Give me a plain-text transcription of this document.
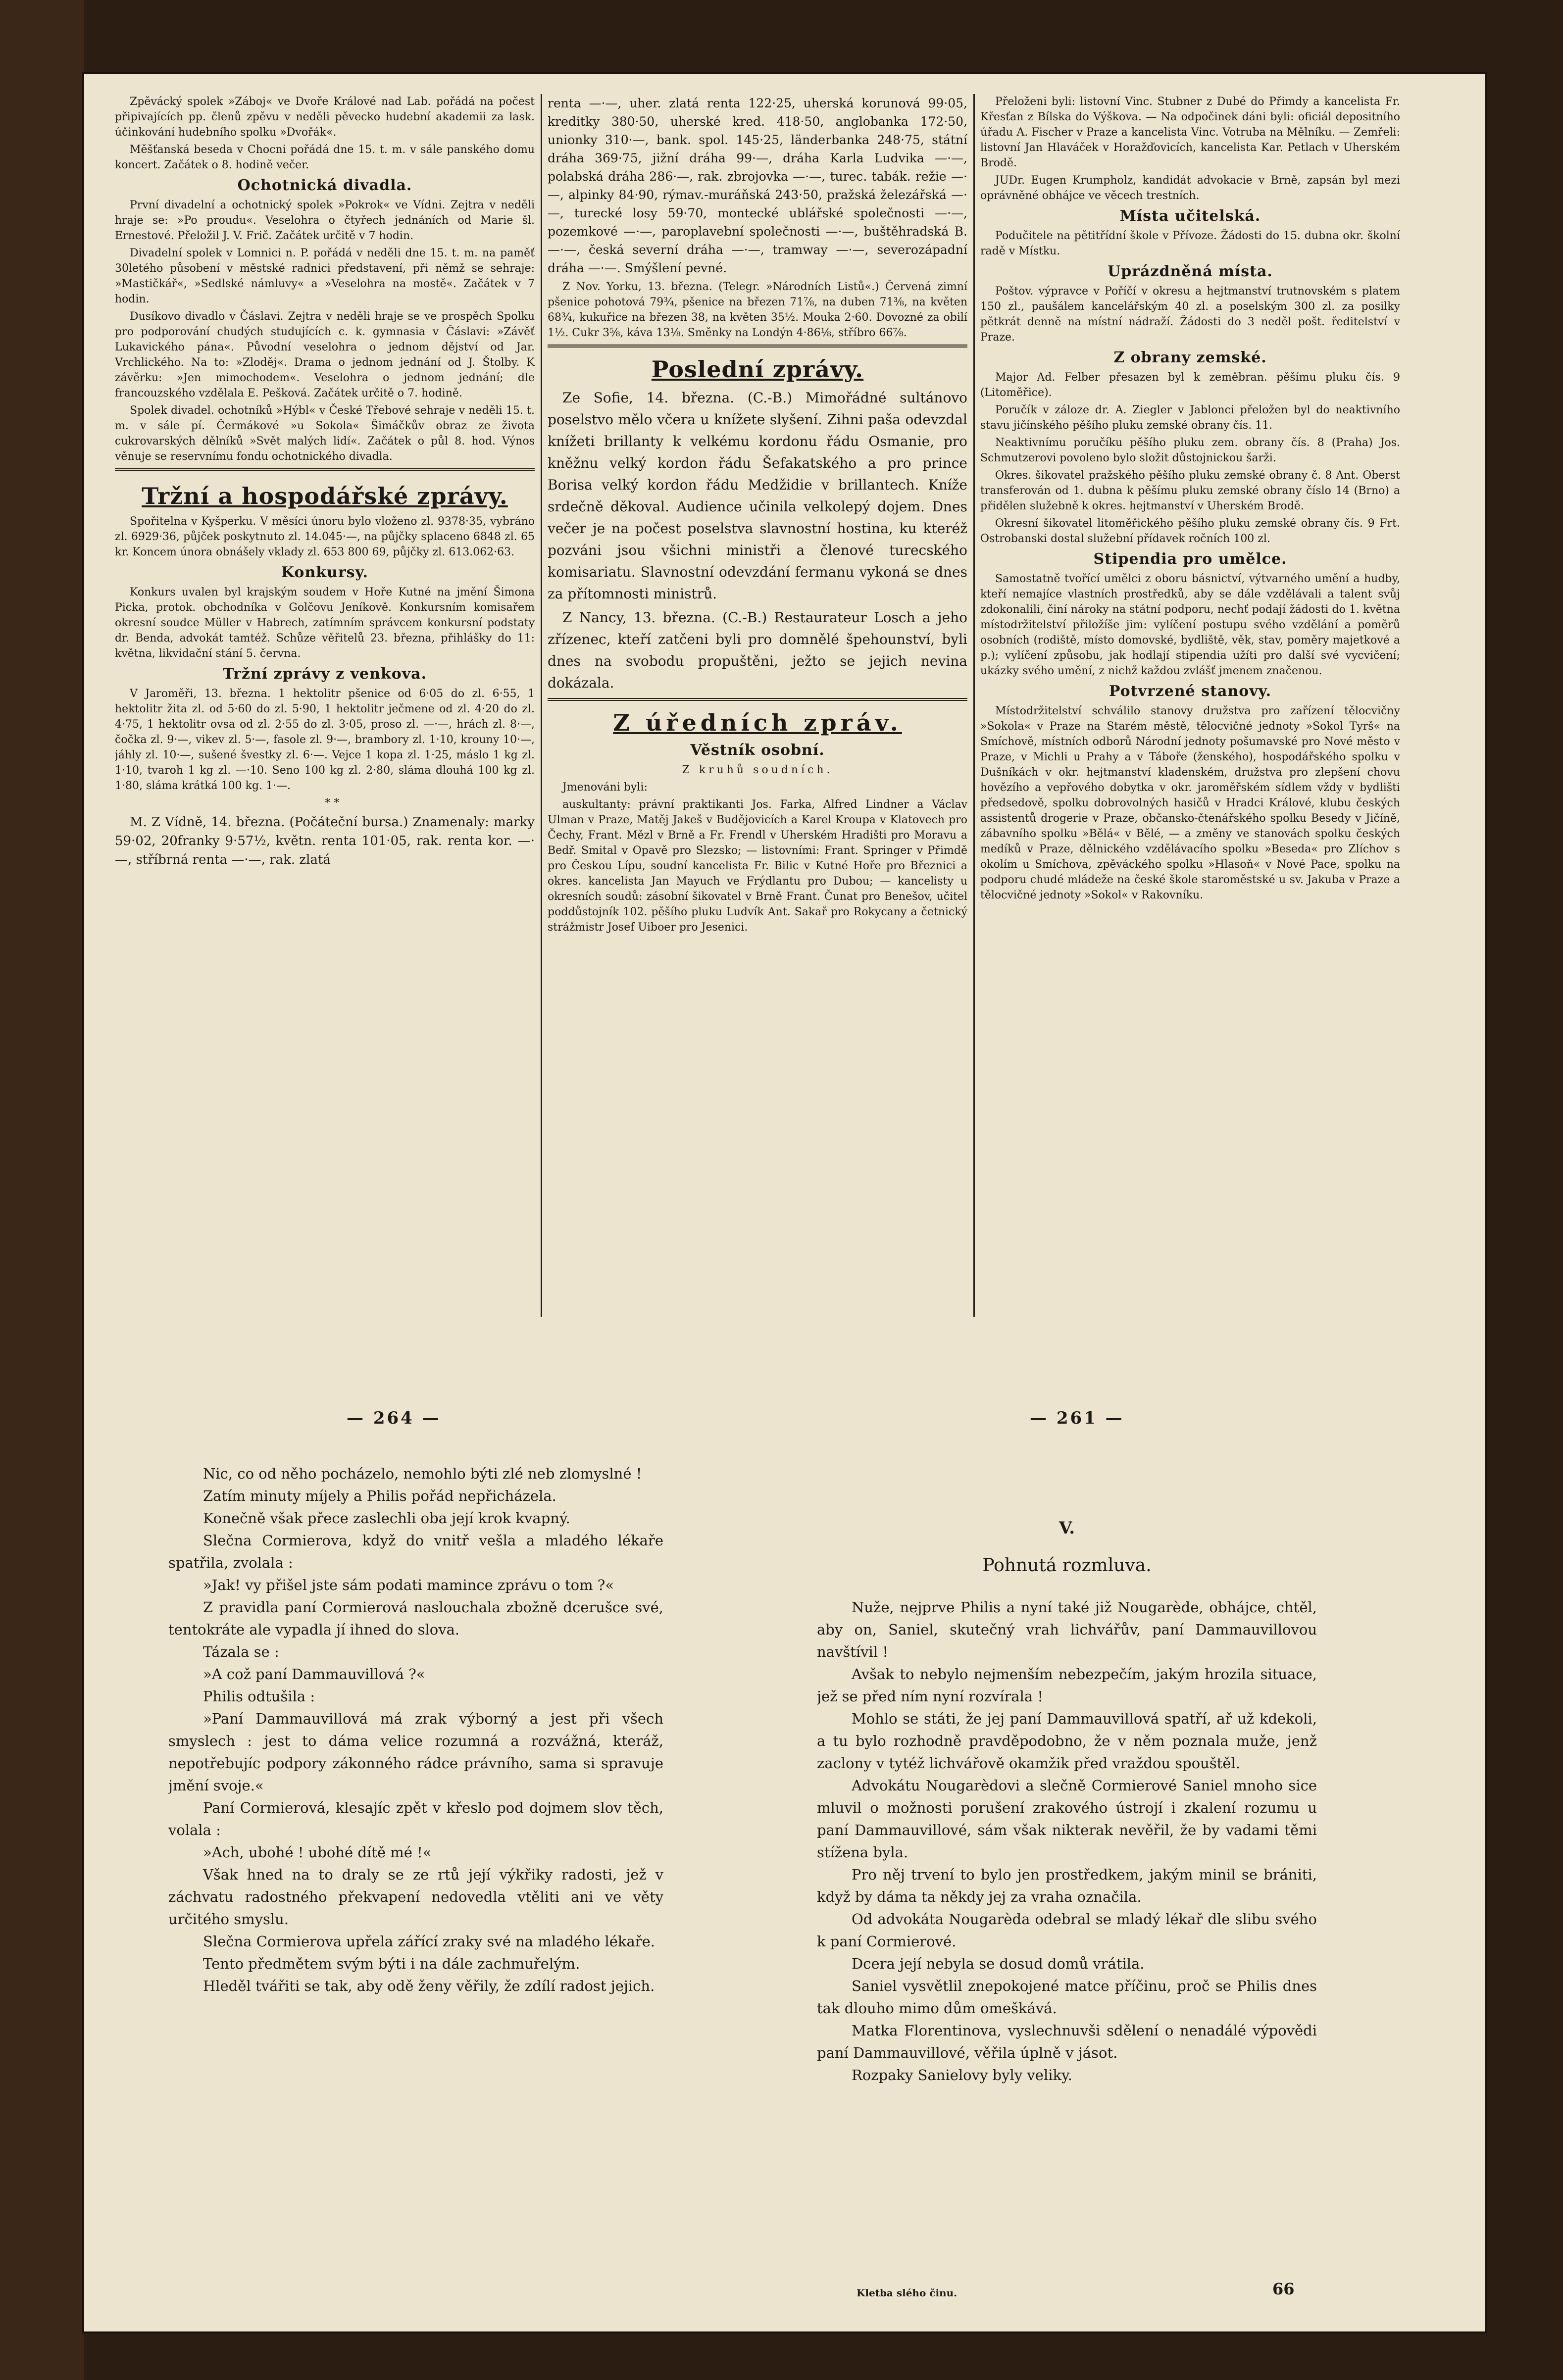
Zpěvácký spolek »Záboj« ve Dvoře Králové nad Lab. pořádá na počest připivajících pp. členů zpěvu v neděli pěvecko hudební akademii za lask. účinkování hudebního spolku »Dvořák«.

Měšťanská beseda v Chocni pořádá dne 15. t. m. v sále panského domu koncert. Začátek o 8. hodině večer.

Ochotnická divadla.

První divadelní a ochotnický spolek »Pokrok« ve Vídni. Zejtra v neděli hraje se: »Po proudu«. Veselohra o čtyřech jednáních od Marie šl. Ernestové. Přeložil J. V. Frič. Začátek určitě v 7 hodin.

Divadelní spolek v Lomnici n. P. pořádá v neděli dne 15. t. m. na paměť 30letého působení v městské radnici představení, při němž se sehraje: »Mastičkář«, »Sedlské námluvy« a »Veselohra na mostě«. Začátek v 7 hodin.

Dusíkovo divadlo v Čáslavi. Zejtra v neděli hraje se ve prospěch Spolku pro podporování chudých studujících c. k. gymnasia v Čáslavi: »Závěť Lukavického pána«. Původní veselohra o jednom dějství od Jar. Vrchlického. Na to: »Zloděj«. Drama o jednom jednání od J. Štolby. K závěrku: »Jen mimochodem«. Veselohra o jednom jednání; dle francouzského vzdělala E. Pešková. Začátek určitě o 7. hodině.

Spolek divadel. ochotníků »Hýbl« v České Třebové sehraje v neděli 15. t. m. v sále pí. Čermákové »u Sokola« Šimáčkův obraz ze života cukrovarských dělníků »Svět malých lidí«. Začátek o půl 8. hod. Výnos věnuje se reservnímu fondu ochotnického divadla.

Tržní a hospodářské zprávy.

Spořitelna v Kyšperku. V měsíci únoru bylo vloženo zl. 9378·35, vybráno zl. 6929·36, půjček poskytnuto zl. 14.045·—, na půjčky splaceno 6848 zl. 65 kr. Koncem února obnášely vklady zl. 653 800 69, půjčky zl. 613.062·63.

Konkursy.

Konkurs uvalen byl krajským soudem v Hoře Kutné na jmění Šimona Picka, protok. obchodníka v Golčovu Jeníkově. Konkursním komisařem okresní soudce Müller v Habrech, zatímním správcem konkursní podstaty dr. Benda, advokát tamtéž. Schůze věřitelů 23. března, přihlášky do 11: května, likvidační stání 5. června.

Tržní zprávy z venkova.

V Jaroměři, 13. března. 1 hektolitr pšenice od 6·05 do zl. 6·55, 1 hektolitr žita zl. od 5·60 do zl. 5·90, 1 hektolitr ječmene od zl. 4·20 do zl. 4·75, 1 hektolitr ovsa od zl. 2·55 do zl. 3·05, proso zl. —·—, hrách zl. 8·—, čočka zl. 9·—, vikev zl. 5·—, fasole zl. 9·—, brambory zl. 1·10, krouny 10·—, jáhly zl. 10·—, sušené švestky zl. 6·—. Vejce 1 kopa zl. 1·25, máslo 1 kg zl. 1·10, tvaroh 1 kg zl. —·10. Seno 100 kg zl. 2·80, sláma dlouhá 100 kg zl. 1·80, sláma krátká 100 kg. 1·—.

* *

M. Z Vídně, 14. března. (Počáteční bursa.) Znamenaly: marky 59·02, 20franky 9·57½, květn. renta 101·05, rak. renta kor. —·—, stříbrná renta —·—, rak. zlatá

renta —·—, uher. zlatá renta 122·25, uherská korunová 99·05, kreditky 380·50, uherské kred. 418·50, anglobanka 172·50, unionky 310·—, bank. spol. 145·25, länderbanka 248·75, státní dráha 369·75, jižní dráha 99·—, dráha Karla Ludvika —·—, polabská dráha 286·—, rak. zbrojovka —·—, turec. tabák. režie —·—, alpinky 84·90, rýmav.-muráňská 243·50, pražská železářská —·—, turecké losy 59·70, montecké ublářské společnosti —·—, pozemkové —·—, paroplavební společnosti —·—, buštěhradská B. —·—, česká severní dráha —·—, tramway —·—, severozápadní dráha —·—. Smýšlení pevné.

Z Nov. Yorku, 13. března. (Telegr. »Národních Listů«.) Červená zimní pšenice pohotová 79¾, pšenice na březen 71⅞, na duben 71⅜, na květen 68¾, kukuřice na březen 38, na květen 35½. Mouka 2·60. Dovozné za obilí 1½. Cukr 3⅝, káva 13⅛. Směnky na Londýn 4·86⅛, stříbro 66⅞.

Poslední zprávy.

Ze Sofie, 14. března. (C.-B.) Mimořádné sultánovo poselstvo mělo včera u knížete slyšení. Zihni paša odevzdal knížeti brillanty k velkému kordonu řádu Osmanie, pro kněžnu velký kordon řádu Šefakatského a pro prince Borisa velký kordon řádu Medžidie v brillantech. Kníže srdečně děkoval. Audience učinila velkolepý dojem. Dnes večer je na počest poselstva slavnostní hostina, ku kteréž pozváni jsou všichni ministři a členové turecského komisariatu. Slavnostní odevzdání fermanu vykoná se dnes za přítomnosti ministrů.

Z Nancy, 13. března. (C.-B.) Restaurateur Losch a jeho zřízenec, kteří zatčeni byli pro domnělé špehounství, byli dnes na svobodu propuštěni, ježto se jejich nevina dokázala.

Z úředních zpráv.
Věstník osobní.
Z kruhů soudních.

Jmenováni byli:

auskultanty: právní praktikanti Jos. Farka, Alfred Lindner a Václav Ulman v Praze, Matěj Jakeš v Budějovicích a Karel Kroupa v Klatovech pro Čechy, Frant. Mězl v Brně a Fr. Frendl v Uherském Hradišti pro Moravu a Bedř. Smital v Opavě pro Slezsko; — listovními: Frant. Springer v Přimdě pro Českou Lípu, soudní kancelista Fr. Bilic v Kutné Hoře pro Březnici a okres. kancelista Jan Mayuch ve Frýdlantu pro Dubou; — kancelisty u okresních soudů: zásobní šikovatel v Brně Frant. Čunat pro Benešov, učitel poddůstojník 102. pěšího pluku Ludvík Ant. Sakař pro Rokycany a četnický strážmistr Josef Uiboer pro Jesenici.

Přeloženi byli: listovní Vinc. Stubner z Dubé do Přimdy a kancelista Fr. Křesťan z Bílska do Výškova. — Na odpočinek dáni byli: oficiál depositního úřadu A. Fischer v Praze a kancelista Vinc. Votruba na Mělníku. — Zemřeli: listovní Jan Hlaváček v Horažďovicích, kancelista Kar. Petlach v Uherském Brodě.

JUDr. Eugen Krumpholz, kandidát advokacie v Brně, zapsán byl mezi oprávněné obhájce ve věcech trestních.

Místa učitelská.

Podučitele na pětitřídní škole v Přívoze. Žádosti do 15. dubna okr. školní radě v Místku.

Uprázdněná místa.

Poštov. výpravce v Poříčí v okresu a hejtmanství trutnovském s platem 150 zl., paušálem kancelářským 40 zl. a poselským 300 zl. za posilky pětkrát denně na místní nádraží. Žádosti do 3 neděl pošt. ředitelství v Praze.

Z obrany zemské.

Major Ad. Felber přesazen byl k zeměbran. pěšímu pluku čís. 9 (Litoměřice).

Poručík v záloze dr. A. Ziegler v Jablonci přeložen byl do neaktivního stavu jičínského pěšího pluku zemské obrany čís. 11.

Neaktivnímu poručíku pěšího pluku zem. obrany čís. 8 (Praha) Jos. Schmutzerovi povoleno bylo složit důstojnickou šarži.

Okres. šikovatel pražského pěšího pluku zemské obrany č. 8 Ant. Oberst transferován od 1. dubna k pěšímu pluku zemské obrany číslo 14 (Brno) a přidělen služebně k okres. hejtmanství v Uherském Brodě.

Okresní šikovatel litoměřického pěšího pluku zemské obrany čís. 9 Frt. Ostrobanski dostal služební přídavek ročních 100 zl.

Stipendia pro umělce.

Samostatně tvořící umělci z oboru básnictví, výtvarného umění a hudby, kteří nemajíce vlastních prostředků, aby se dále vzdělávali a talent svůj zdokonalili, činí nároky na státní podporu, nechť podají žádosti do 1. května místodržitelství přiložíše jim: vylíčení postupu svého vzdělání a poměrů osobních (rodiště, místo domovské, bydliště, věk, stav, poměry majetkové a p.); vylíčení způsobu, jak hodlají stipendia užíti pro další své vycvičení; ukázky svého umění, z nichž každou zvlášť jmenem značenou.

Potvrzené stanovy.

Místodržitelství schválilo stanovy družstva pro zařízení tělocvičny »Sokola« v Praze na Starém městě, tělocvičné jednoty »Sokol Tyrš« na Smíchově, místních odborů Národní jednoty pošumavské pro Nové město v Praze, v Michli u Prahy a v Táboře (ženského), hospodářského spolku v Dušníkách v okr. hejtmanství kladenském, družstva pro zlepšení chovu hovězího a vepřového dobytka v okr. jaroměřském sídlem vždy v bydlišti předsedově, spolku dobrovolných hasičů v Hradci Králové, klubu českých assistentů drogerie v Praze, občansko-čtenářského spolku Besedy v Jičíně, zábavního spolku »Bělá« v Bělé, — a změny ve stanovách spolku českých medíků v Praze, dělnického vzdělávacího spolku »Beseda« pro Zlíchov s okolím u Smíchova, zpěváckého spolku »Hlasoň« v Nové Pace, spolku na podporu chudé mládeže na české škole staroměstské u sv. Jakuba v Praze a tělocvičné jednoty »Sokol« v Rakovníku.

— 264 —	— 261 —

Nic, co od něho pocházelo, nemohlo býti zlé neb zlomyslné !

Zatím minuty míjely a Philis pořád nepřicházela.

Konečně však přece zaslechli oba její krok kvapný.

Slečna Cormierova, když do vnitř vešla a mladého lékaře spatřila, zvolala :

»Jak! vy přišel jste sám podati mamince zprávu o tom ?«

Z pravidla paní Cormierová naslouchala zbožně dcerušce své, tentokráte ale vypadla jí ihned do slova.

Tázala se :

»A což paní Dammauvillová ?«

Philis odtušila :

»Paní Dammauvillová má zrak výborný a jest při všech smyslech : jest to dáma velice rozumná a rozvážná, kteráž, nepotřebujíc podpory zákonného rádce právního, sama si spravuje jmění svoje.«

Paní Cormierová, klesajíc zpět v křeslo pod dojmem slov těch, volala :

»Ach, ubohé ! ubohé dítě mé !«

Však hned na to draly se ze rtů její výkřiky radosti, jež v záchvatu radostného překvapení nedovedla vtěliti ani ve věty určitého smyslu.

Slečna Cormierova upřela zářící zraky své na mladého lékaře.

Tento předmětem svým býti i na dále zachmuřelým.

Hleděl tvářiti se tak, aby odě ženy věřily, že zdílí radost jejich.

V.
Pohnutá rozmluva.

Nuže, nejprve Philis a nyní také již Nougarède, obhájce, chtěl, aby on, Saniel, skutečný vrah lichvářův, paní Dammauvillovou navštívil !

Avšak to nebylo nejmenším nebezpečím, jakým hrozila situace, jež se před ním nyní rozvírala !

Mohlo se státi, že jej paní Dammauvillová spatří, ař už kdekoli, a tu bylo rozhodně pravděpodobno, že v něm poznala muže, jenž zaclony v tytéž lichvářově okamžik před vraždou spouštěl.

Advokátu Nougarèdovi a slečně Cormierové Saniel mnoho sice mluvil o možnosti porušení zrakového ústrojí i zkalení rozumu u paní Dammauvillové, sám však nikterak nevěřil, že by vadami těmi stížena byla.

Pro něj trvení to bylo jen prostředkem, jakým minil se brániti, když by dáma ta někdy jej za vraha označila.

Od advokáta Nougarèda odebral se mladý lékař dle slibu svého k paní Cormierové.

Dcera její nebyla se dosud domů vrátila.

Saniel vysvětlil znepokojené matce příčinu, proč se Philis dnes tak dlouho mimo dům omeškává.

Matka Florentinova, vyslechnuvši sdělení o nenadálé výpovědi paní Dammauvillové, věřila úplně v jásot.

Rozpaky Sanielovy byly veliky.

Kletba slého činu.	66
